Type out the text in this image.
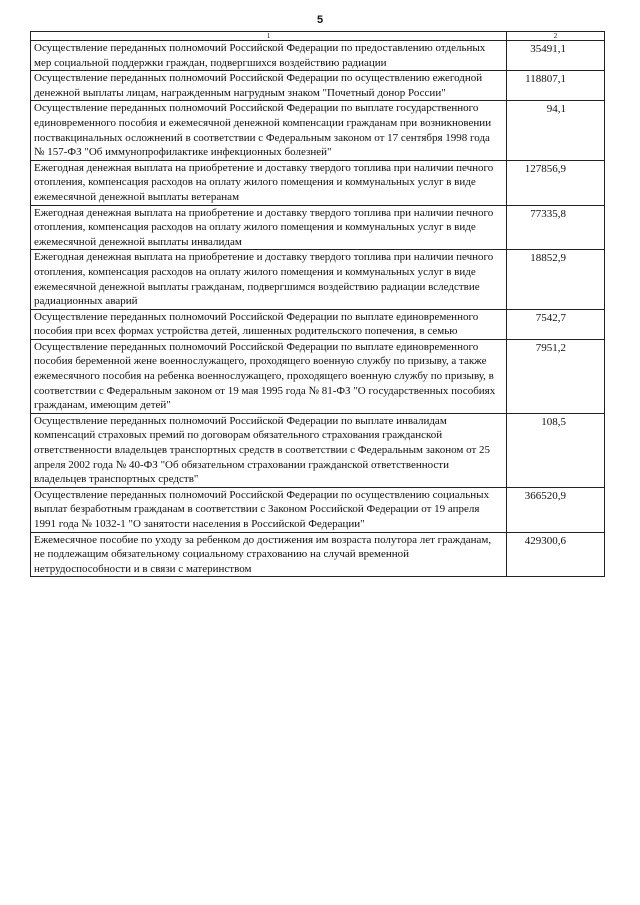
5
1	2
Осуществление переданных полномочий Российской Федерации по предоставлению отдельных мер социальной поддержки граждан, подвергшихся воздействию радиации	35491,1
Осуществление переданных полномочий Российской Федерации по осуществлению ежегодной денежной выплаты лицам, награжденным нагрудным знаком "Почетный донор России"	118807,1
Осуществление переданных полномочий Российской Федерации по выплате государственного единовременного пособия и ежемесячной денежной компенсации гражданам при возникновении поствакцинальных осложнений в соответствии с Федеральным законом от 17 сентября 1998 года № 157-ФЗ "Об иммунопрофилактике инфекционных болезней"	94,1
Ежегодная денежная выплата на приобретение и доставку твердого топлива при наличии печного отопления, компенсация расходов на оплату жилого помещения и коммунальных услуг в виде ежемесячной денежной выплаты ветеранам	127856,9
Ежегодная денежная выплата на приобретение и доставку твердого топлива при наличии печного отопления, компенсация расходов на оплату жилого помещения и коммунальных услуг в виде ежемесячной денежной выплаты инвалидам	77335,8
Ежегодная денежная выплата на приобретение и доставку твердого топлива при наличии печного отопления, компенсация расходов на оплату жилого помещения и коммунальных услуг в виде ежемесячной денежной выплаты гражданам, подвергшимся воздействию радиации вследствие радиационных аварий	18852,9
Осуществление переданных полномочий Российской Федерации по выплате единовременного пособия при всех формах устройства детей, лишенных родительского попечения, в семью	7542,7
Осуществление переданных полномочий Российской Федерации по выплате единовременного пособия беременной жене военнослужащего, проходящего военную службу по призыву, а также ежемесячного пособия на ребенка военнослужащего, проходящего военную службу по призыву, в соответствии с Федеральным законом от 19 мая 1995 года № 81-ФЗ "О государственных пособиях гражданам, имеющим детей"	7951,2
Осуществление переданных полномочий Российской Федерации по выплате инвалидам компенсаций страховых премий по договорам обязательного страхования гражданской ответственности владельцев транспортных средств в соответствии с Федеральным законом от 25 апреля 2002 года № 40-ФЗ "Об обязательном страховании гражданской ответственности владельцев транспортных средств"	108,5
Осуществление переданных полномочий Российской Федерации по осуществлению социальных выплат безработным гражданам в соответствии с Законом Российской Федерации от 19 апреля 1991 года № 1032-1 "О занятости населения в Российской Федерации"	366520,9
Ежемесячное пособие по уходу за ребенком до достижения им возраста полутора лет гражданам, не подлежащим обязательному социальному страхованию на случай временной нетрудоспособности и в связи с материнством	429300,6
